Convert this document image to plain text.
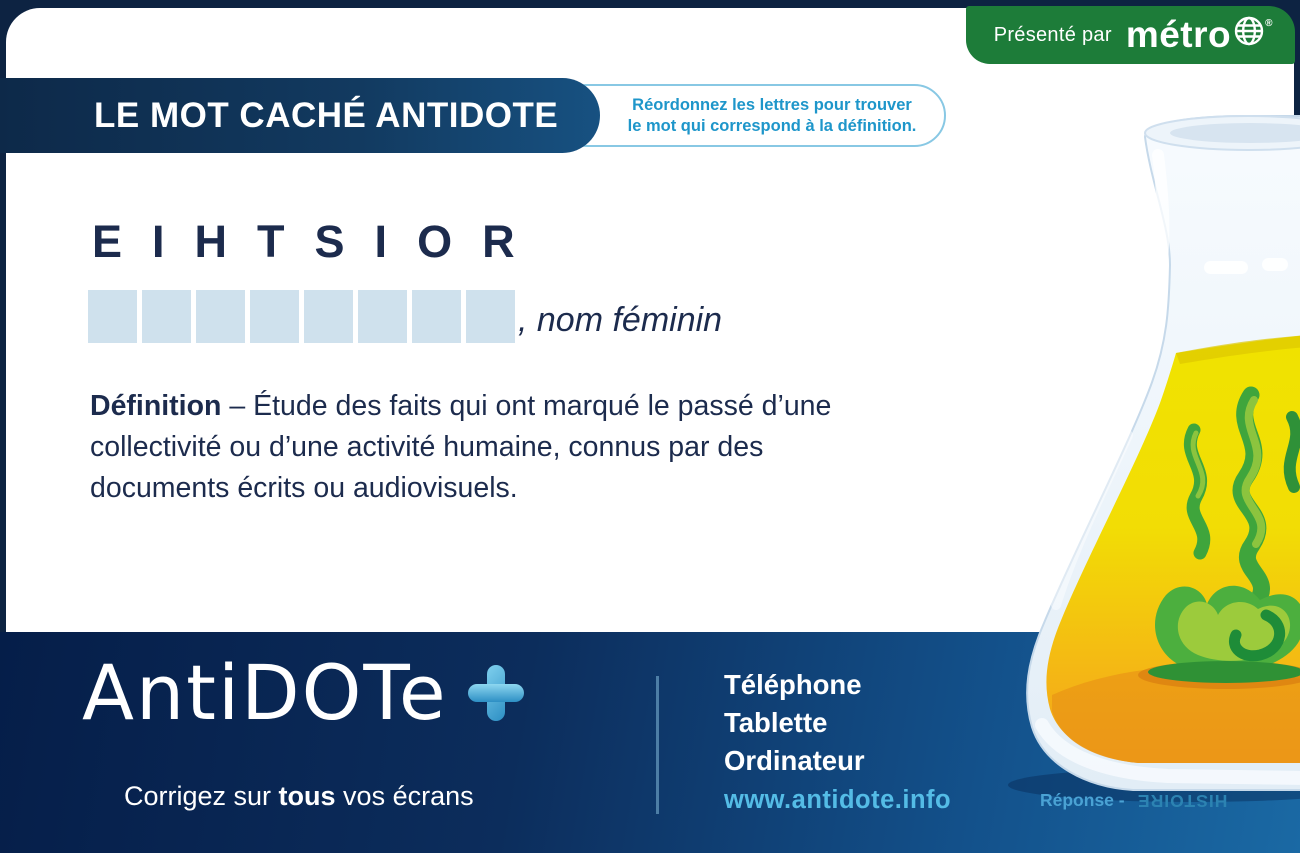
Présenté par métro	®
Réordonnez les lettres pour trouver
le mot qui correspond à la définition.
LE MOT CACHÉ ANTIDOTE
E I H T S I O R
, nom féminin
Définition – Étude des faits qui ont marqué le passé d’une collectivité ou d’une activité humaine, connus par des documents écrits ou audiovisuels.
AntiDOTe
Corrigez sur tous vos écrans
Téléphone
Tablette
Ordinateur
www.antidote.info	Réponse - HISTOIRE
